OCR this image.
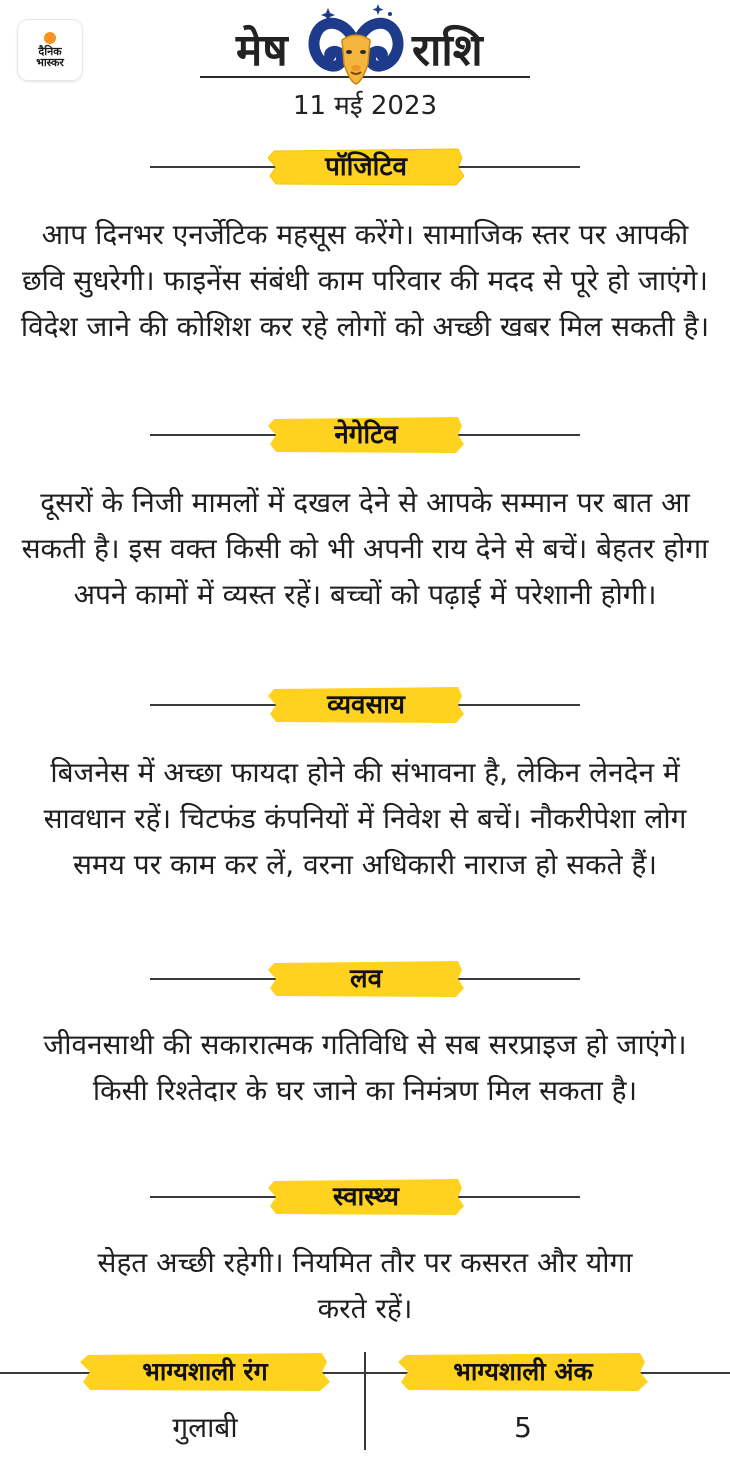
दैनिक
भास्कर	मेष	राशि
11 मई 2023
पॉजिटिव
आप दिनभर एनर्जेटिक महसूस करेंगे। सामाजिक स्तर पर आपकी छवि सुधरेगी। फाइनेंस संबंधी काम परिवार की मदद से पूरे हो जाएंगे। विदेश जाने की कोशिश कर रहे लोगों को अच्छी खबर मिल सकती है।
नेगेटिव
दूसरों के निजी मामलों में दखल देने से आपके सम्मान पर बात आ सकती है। इस वक्त किसी को भी अपनी राय देने से बचें। बेहतर होगा अपने कामों में व्यस्त रहें। बच्चों को पढ़ाई में परेशानी होगी।
व्यवसाय
बिजनेस में अच्छा फायदा होने की संभावना है, लेकिन लेनदेन में सावधान रहें। चिटफंड कंपनियों में निवेश से बचें। नौकरीपेशा लोग समय पर काम कर लें, वरना अधिकारी नाराज हो सकते हैं।
लव
जीवनसाथी की सकारात्मक गतिविधि से सब सरप्राइज हो जाएंगे। किसी रिश्तेदार के घर जाने का निमंत्रण मिल सकता है।
स्वास्थ्य
सेहत अच्छी रहेगी। नियमित तौर पर कसरत और योगा करते रहें।
भाग्यशाली रंग
गुलाबी
भाग्यशाली अंक
5
